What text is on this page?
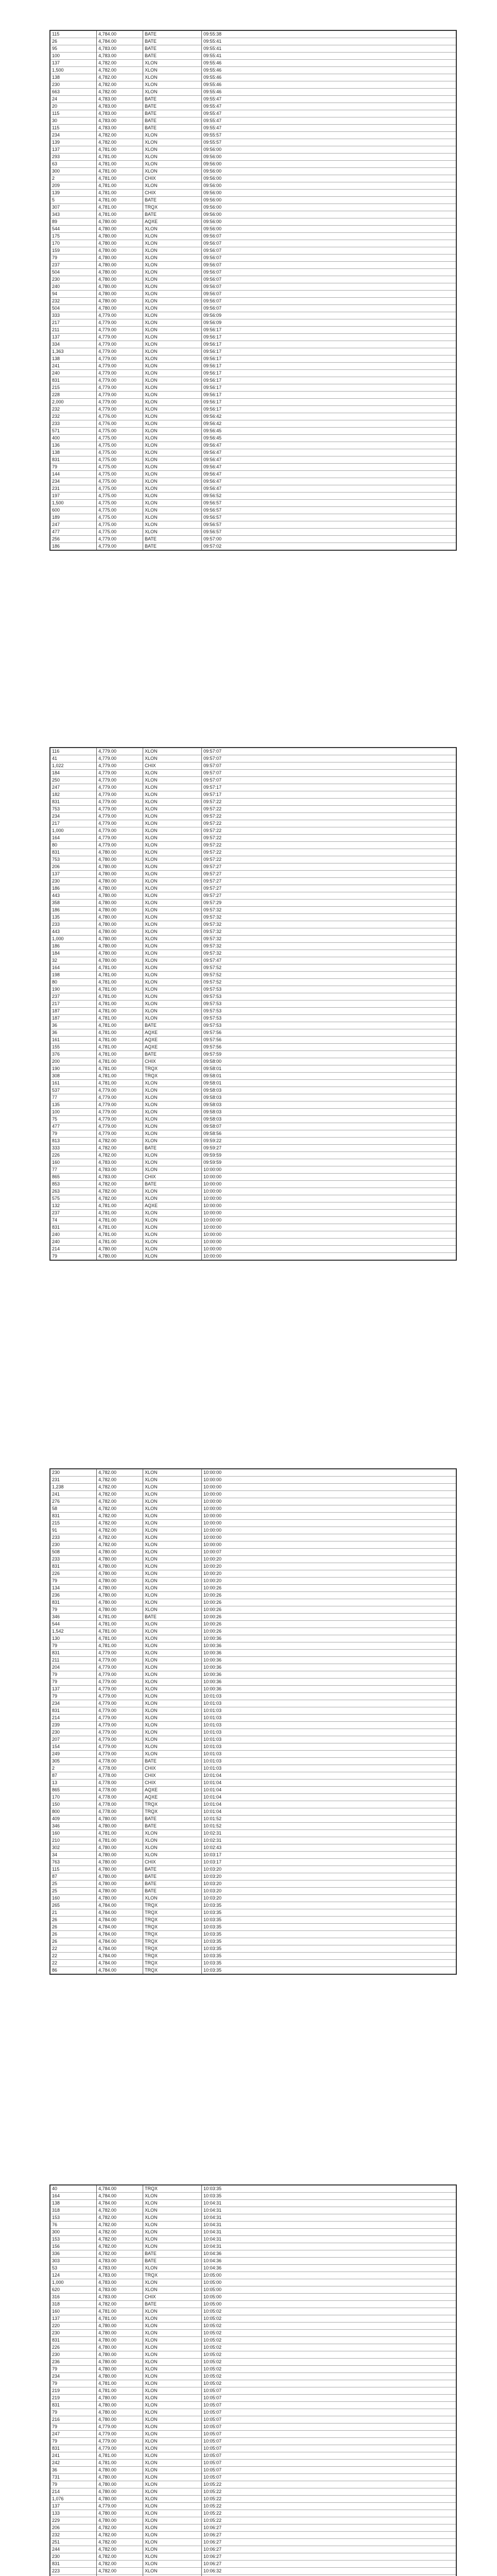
115	4,784.00	BATE	09:55:38
26	4,784.00	BATE	09:55:41
95	4,783.00	BATE	09:55:41
100	4,783.00	BATE	09:55:41
137	4,782.00	XLON	09:55:46
1,500	4,782.00	XLON	09:55:46
138	4,782.00	XLON	09:55:46
230	4,782.00	XLON	09:55:46
663	4,782.00	XLON	09:55:46
24	4,783.00	BATE	09:55:47
20	4,783.00	BATE	09:55:47
115	4,783.00	BATE	09:55:47
30	4,783.00	BATE	09:55:47
115	4,783.00	BATE	09:55:47
234	4,782.00	XLON	09:55:57
139	4,782.00	XLON	09:55:57
137	4,781.00	XLON	09:56:00
293	4,781.00	XLON	09:56:00
63	4,781.00	XLON	09:56:00
300	4,781.00	XLON	09:56:00
2	4,781.00	CHIX	09:56:00
209	4,781.00	XLON	09:56:00
139	4,781.00	CHIX	09:56:00
5	4,781.00	BATE	09:56:00
307	4,781.00	TRQX	09:56:00
343	4,781.00	BATE	09:56:00
89	4,780.00	AQXE	09:56:00
544	4,780.00	XLON	09:56:00
175	4,780.00	XLON	09:56:07
170	4,780.00	XLON	09:56:07
159	4,780.00	XLON	09:56:07
79	4,780.00	XLON	09:56:07
237	4,780.00	XLON	09:56:07
504	4,780.00	XLON	09:56:07
230	4,780.00	XLON	09:56:07
240	4,780.00	XLON	09:56:07
94	4,780.00	XLON	09:56:07
232	4,780.00	XLON	09:56:07
504	4,780.00	XLON	09:56:07
333	4,779.00	XLON	09:56:09
217	4,779.00	XLON	09:56:09
211	4,779.00	XLON	09:56:17
137	4,779.00	XLON	09:56:17
334	4,779.00	XLON	09:56:17
1,363	4,779.00	XLON	09:56:17
138	4,779.00	XLON	09:56:17
241	4,779.00	XLON	09:56:17
240	4,779.00	XLON	09:56:17
831	4,779.00	XLON	09:56:17
215	4,779.00	XLON	09:56:17
228	4,779.00	XLON	09:56:17
2,000	4,779.00	XLON	09:56:17
232	4,779.00	XLON	09:56:17
232	4,776.00	XLON	09:56:42
233	4,776.00	XLON	09:56:42
571	4,775.00	XLON	09:56:45
400	4,775.00	XLON	09:56:45
136	4,775.00	XLON	09:56:47
138	4,775.00	XLON	09:56:47
831	4,775.00	XLON	09:56:47
79	4,775.00	XLON	09:56:47
144	4,775.00	XLON	09:56:47
234	4,775.00	XLON	09:56:47
231	4,775.00	XLON	09:56:47
197	4,775.00	XLON	09:56:52
1,500	4,775.00	XLON	09:56:57
600	4,775.00	XLON	09:56:57
189	4,775.00	XLON	09:56:57
247	4,775.00	XLON	09:56:57
477	4,775.00	XLON	09:56:57
256	4,779.00	BATE	09:57:00
186	4,779.00	BATE	09:57:02
116	4,779.00	XLON	09:57:07
41	4,779.00	XLON	09:57:07
1,022	4,779.00	CHIX	09:57:07
184	4,779.00	XLON	09:57:07
250	4,779.00	XLON	09:57:07
247	4,779.00	XLON	09:57:17
182	4,779.00	XLON	09:57:17
831	4,779.00	XLON	09:57:22
753	4,779.00	XLON	09:57:22
234	4,779.00	XLON	09:57:22
217	4,779.00	XLON	09:57:22
1,000	4,779.00	XLON	09:57:22
164	4,779.00	XLON	09:57:22
80	4,779.00	XLON	09:57:22
831	4,780.00	XLON	09:57:22
753	4,780.00	XLON	09:57:22
206	4,780.00	XLON	09:57:27
137	4,780.00	XLON	09:57:27
230	4,780.00	XLON	09:57:27
186	4,780.00	XLON	09:57:27
443	4,780.00	XLON	09:57:27
358	4,780.00	XLON	09:57:29
186	4,780.00	XLON	09:57:32
135	4,780.00	XLON	09:57:32
233	4,780.00	XLON	09:57:32
443	4,780.00	XLON	09:57:32
1,000	4,780.00	XLON	09:57:32
186	4,780.00	XLON	09:57:32
184	4,780.00	XLON	09:57:32
32	4,780.00	XLON	09:57:47
164	4,781.00	XLON	09:57:52
198	4,781.00	XLON	09:57:52
80	4,781.00	XLON	09:57:52
190	4,781.00	XLON	09:57:53
237	4,781.00	XLON	09:57:53
217	4,781.00	XLON	09:57:53
187	4,781.00	XLON	09:57:53
187	4,781.00	XLON	09:57:53
36	4,781.00	BATE	09:57:53
36	4,781.00	AQXE	09:57:56
161	4,781.00	AQXE	09:57:56
155	4,781.00	AQXE	09:57:56
376	4,781.00	BATE	09:57:59
200	4,781.00	CHIX	09:58:00
190	4,781.00	TRQX	09:58:01
308	4,781.00	TRQX	09:58:01
161	4,781.00	XLON	09:58:01
537	4,779.00	XLON	09:58:03
77	4,779.00	XLON	09:58:03
135	4,779.00	XLON	09:58:03
100	4,779.00	XLON	09:58:03
75	4,779.00	XLON	09:58:03
477	4,779.00	XLON	09:58:07
79	4,779.00	XLON	09:58:56
813	4,782.00	XLON	09:59:22
333	4,782.00	BATE	09:59:27
226	4,782.00	XLON	09:59:59
160	4,783.00	XLON	09:59:59
77	4,783.00	XLON	10:00:00
865	4,783.00	CHIX	10:00:00
853	4,782.00	BATE	10:00:00
263	4,782.00	XLON	10:00:00
575	4,782.00	XLON	10:00:00
132	4,781.00	AQXE	10:00:00
237	4,781.00	XLON	10:00:00
74	4,781.00	XLON	10:00:00
831	4,781.00	XLON	10:00:00
240	4,781.00	XLON	10:00:00
240	4,781.00	XLON	10:00:00
214	4,780.00	XLON	10:00:00
79	4,780.00	XLON	10:00:00
230	4,782.00	XLON	10:00:00
231	4,782.00	XLON	10:00:00
1,238	4,782.00	XLON	10:00:00
241	4,782.00	XLON	10:00:00
276	4,782.00	XLON	10:00:00
58	4,782.00	XLON	10:00:00
831	4,782.00	XLON	10:00:00
215	4,782.00	XLON	10:00:00
91	4,782.00	XLON	10:00:00
233	4,782.00	XLON	10:00:00
230	4,782.00	XLON	10:00:00
508	4,780.00	XLON	10:00:07
233	4,780.00	XLON	10:00:20
831	4,780.00	XLON	10:00:20
226	4,780.00	XLON	10:00:20
79	4,780.00	XLON	10:00:20
134	4,780.00	XLON	10:00:26
236	4,780.00	XLON	10:00:26
831	4,780.00	XLON	10:00:26
79	4,780.00	XLON	10:00:26
346	4,781.00	BATE	10:00:26
544	4,781.00	XLON	10:00:26
1,542	4,781.00	XLON	10:00:26
130	4,781.00	XLON	10:00:36
79	4,781.00	XLON	10:00:36
831	4,779.00	XLON	10:00:36
211	4,779.00	XLON	10:00:36
204	4,779.00	XLON	10:00:36
79	4,779.00	XLON	10:00:36
79	4,779.00	XLON	10:00:36
137	4,779.00	XLON	10:00:36
79	4,779.00	XLON	10:01:03
234	4,779.00	XLON	10:01:03
831	4,779.00	XLON	10:01:03
214	4,779.00	XLON	10:01:03
239	4,779.00	XLON	10:01:03
230	4,779.00	XLON	10:01:03
207	4,779.00	XLON	10:01:03
154	4,779.00	XLON	10:01:03
249	4,779.00	XLON	10:01:03
305	4,778.00	BATE	10:01:03
2	4,778.00	CHIX	10:01:03
87	4,778.00	CHIX	10:01:04
13	4,778.00	CHIX	10:01:04
865	4,778.00	AQXE	10:01:04
170	4,778.00	AQXE	10:01:04
150	4,778.00	TRQX	10:01:04
800	4,778.00	TRQX	10:01:04
409	4,780.00	BATE	10:01:52
346	4,780.00	BATE	10:01:52
160	4,781.00	XLON	10:02:31
210	4,781.00	XLON	10:02:31
302	4,780.00	XLON	10:02:43
34	4,780.00	XLON	10:03:17
763	4,780.00	CHIX	10:03:17
115	4,780.00	BATE	10:03:20
87	4,780.00	BATE	10:03:20
25	4,780.00	BATE	10:03:20
25	4,780.00	BATE	10:03:20
160	4,780.00	XLON	10:03:20
265	4,784.00	TRQX	10:03:35
21	4,784.00	TRQX	10:03:35
26	4,784.00	TRQX	10:03:35
26	4,784.00	TRQX	10:03:35
26	4,784.00	TRQX	10:03:35
26	4,784.00	TRQX	10:03:35
22	4,784.00	TRQX	10:03:35
22	4,784.00	TRQX	10:03:35
22	4,784.00	TRQX	10:03:35
86	4,784.00	TRQX	10:03:35
40	4,784.00	TRQX	10:03:35
164	4,784.00	XLON	10:03:35
138	4,784.00	XLON	10:04:31
318	4,782.00	XLON	10:04:31
153	4,782.00	XLON	10:04:31
76	4,782.00	XLON	10:04:31
300	4,782.00	XLON	10:04:31
153	4,782.00	XLON	10:04:31
156	4,782.00	XLON	10:04:31
336	4,782.00	BATE	10:04:36
303	4,783.00	BATE	10:04:36
53	4,783.00	XLON	10:04:36
124	4,783.00	TRQX	10:05:00
1,000	4,783.00	XLON	10:05:00
620	4,783.00	XLON	10:05:00
316	4,783.00	CHIX	10:05:00
318	4,782.00	BATE	10:05:00
160	4,781.00	XLON	10:05:02
137	4,781.00	XLON	10:05:02
220	4,780.00	XLON	10:05:02
230	4,780.00	XLON	10:05:02
831	4,780.00	XLON	10:05:02
226	4,780.00	XLON	10:05:02
230	4,780.00	XLON	10:05:02
236	4,780.00	XLON	10:05:02
79	4,780.00	XLON	10:05:02
234	4,780.00	XLON	10:05:02
79	4,781.00	XLON	10:05:02
219	4,781.00	XLON	10:05:07
219	4,780.00	XLON	10:05:07
831	4,780.00	XLON	10:05:07
79	4,780.00	XLON	10:05:07
216	4,780.00	XLON	10:05:07
79	4,779.00	XLON	10:05:07
247	4,779.00	XLON	10:05:07
79	4,779.00	XLON	10:05:07
831	4,779.00	XLON	10:05:07
241	4,781.00	XLON	10:05:07
242	4,781.00	XLON	10:05:07
36	4,780.00	XLON	10:05:07
731	4,780.00	XLON	10:05:07
79	4,780.00	XLON	10:05:22
214	4,780.00	XLON	10:05:22
1,076	4,780.00	XLON	10:05:22
137	4,779.00	XLON	10:05:22
133	4,780.00	XLON	10:05:22
229	4,780.00	XLON	10:05:22
206	4,782.00	XLON	10:06:27
232	4,782.00	XLON	10:06:27
251	4,782.00	XLON	10:06:27
244	4,782.00	XLON	10:06:27
230	4,782.00	XLON	10:06:27
831	4,782.00	XLON	10:06:27
223	4,782.00	XLON	10:06:32
